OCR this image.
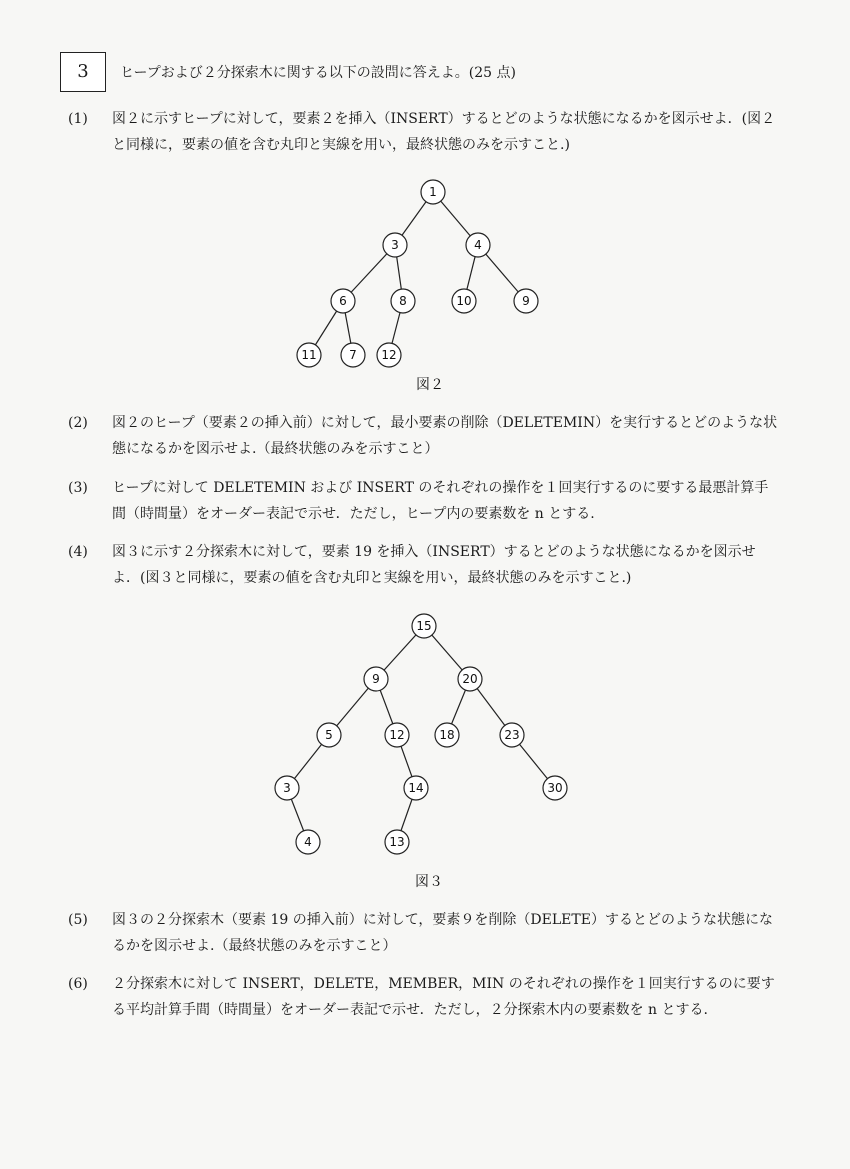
3	ヒープおよび２分探索木に関する以下の設問に答えよ。(25 点)
(1) 図２に示すヒープに対して，要素２を挿入（INSERT）するとどのような状態になるかを図示せよ．(図２と同様に，要素の値を含む丸印と実線を用い，最終状態のみを示すこと.)
1
3	4
6	8	10	9
11	7 12
図２
(2) 図２のヒープ（要素２の挿入前）に対して，最小要素の削除（DELETEMIN）を実行するとどのような状態になるかを図示せよ.（最終状態のみを示すこと）
(3) ヒープに対して DELETEMIN および INSERT のそれぞれの操作を１回実行するのに要する最悪計算手間（時間量）をオーダー表記で示せ．ただし，ヒープ内の要素数を n とする.
(4) 図３に示す２分探索木に対して，要素 19 を挿入（INSERT）するとどのような状態になるかを図示せよ．(図３と同様に，要素の値を含む丸印と実線を用い，最終状態のみを示すこと.)
15
9	20
5	12	18	23
3	14	30
4	13
図３
(5) 図３の２分探索木（要素 19 の挿入前）に対して，要素９を削除（DELETE）するとどのような状態になるかを図示せよ.（最終状態のみを示すこと）
(6) ２分探索木に対して INSERT，DELETE，MEMBER，MIN のそれぞれの操作を１回実行するのに要する平均計算手間（時間量）をオーダー表記で示せ．ただし，２分探索木内の要素数を n とする.
